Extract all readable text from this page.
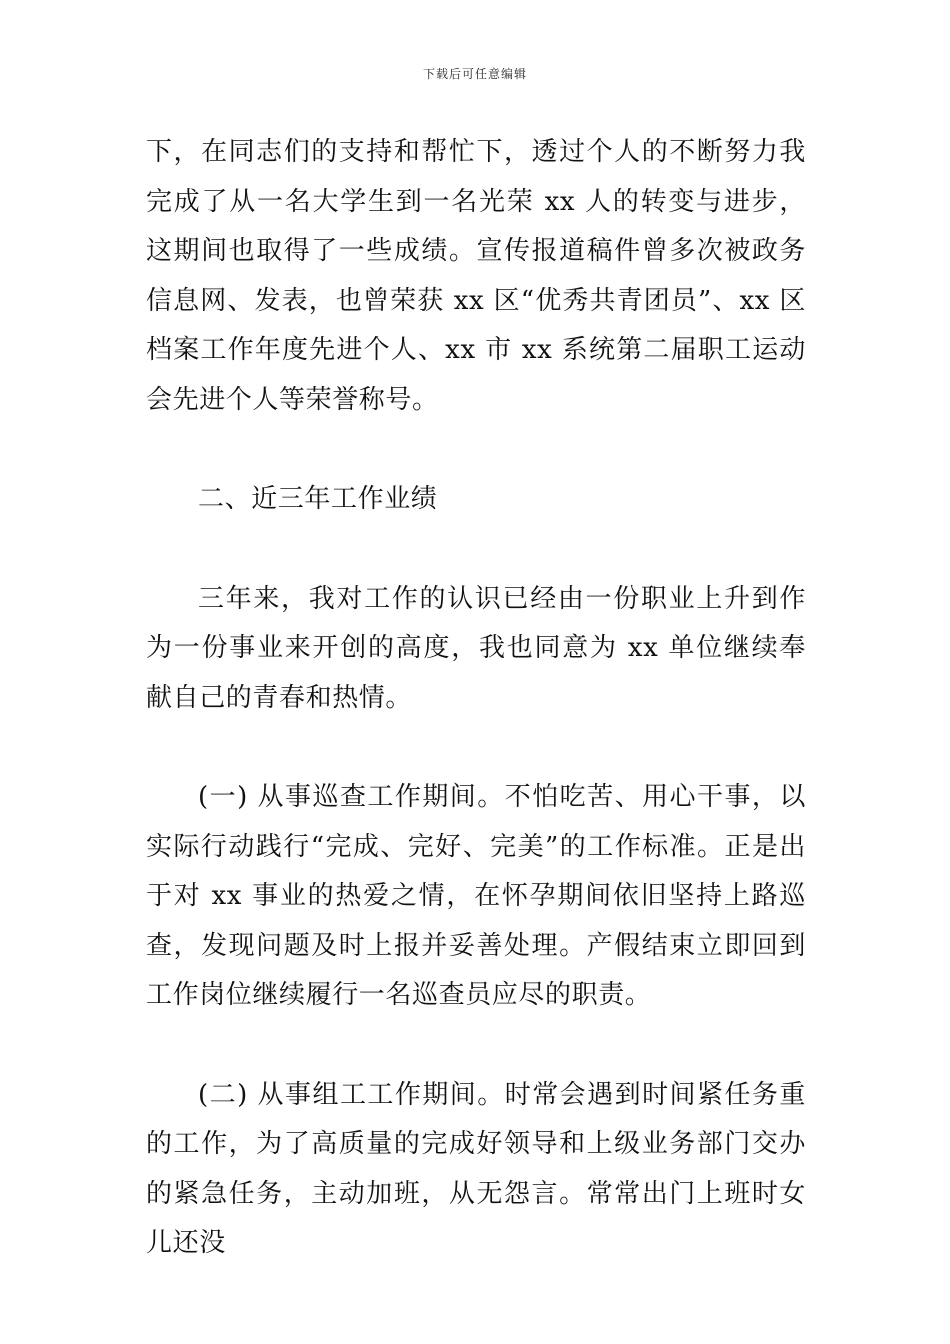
下载后可任意编辑

下，在同志们的支持和帮忙下，透过个人的不断努力我完成了从一名大学生到一名光荣 xx 人的转变与进步，这期间也取得了一些成绩。宣传报道稿件曾多次被政务信息网、发表，也曾荣获 xx 区“优秀共青团员”、xx 区档案工作年度先进个人、xx 市 xx 系统第二届职工运动会先进个人等荣誉称号。

二、近三年工作业绩

三年来，我对工作的认识已经由一份职业上升到作为一份事业来开创的高度，我也同意为 xx 单位继续奉献自己的青春和热情。

(一) 从事巡查工作期间。不怕吃苦、用心干事，以实际行动践行“完成、完好、完美”的工作标准。正是出于对 xx 事业的热爱之情，在怀孕期间依旧坚持上路巡查，发现问题及时上报并妥善处理。产假结束立即回到工作岗位继续履行一名巡查员应尽的职责。

(二) 从事组工工作期间。时常会遇到时间紧任务重的工作，为了高质量的完成好领导和上级业务部门交办的紧急任务，主动加班，从无怨言。常常出门上班时女儿还没
